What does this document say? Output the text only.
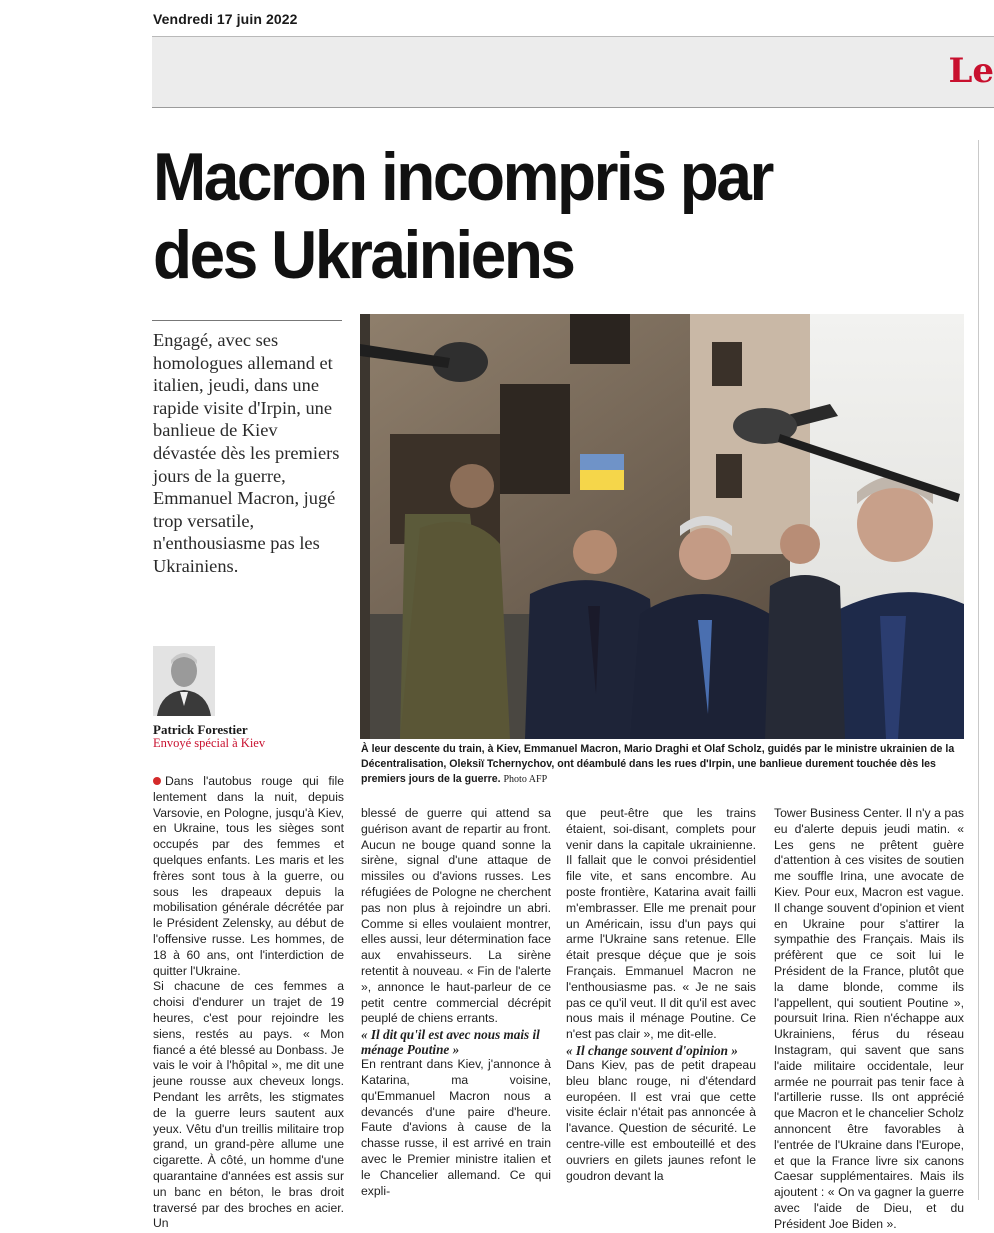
Vendredi 17 juin 2022
Le
Macron incompris par des Ukrainiens

Engagé, avec ses homologues allemand et italien, jeudi, dans une rapide visite d'Irpin, une banlieue de Kiev dévastée dès les premiers jours de la guerre, Emmanuel Macron, jugé trop versatile, n'enthousiasme pas les Ukrainiens.

Patrick Forestier
Envoyé spécial à Kiev	À leur descente du train, à Kiev, Emmanuel Macron, Mario Draghi et Olaf Scholz, guidés par le ministre ukrainien de la Décentralisation, Oleksiï Tchernychov, ont déambulé dans les rues d'Irpin, une banlieue durement touchée dès les premiers jours de la guerre. Photo AFP

Dans l'autobus rouge qui file lentement dans la nuit, depuis Varsovie, en Pologne, jusqu'à Kiev, en Ukraine, tous les sièges sont occupés par des femmes et quelques enfants. Les maris et les frères sont tous à la guerre, ou sous les drapeaux depuis la mobilisation générale décrétée par le Président Zelensky, au début de l'offensive russe. Les hommes, de 18 à 60 ans, ont l'interdiction de quitter l'Ukraine.

Si chacune de ces femmes a choisi d'endurer un trajet de 19 heures, c'est pour rejoindre les siens, restés au pays. « Mon fiancé a été blessé au Donbass. Je vais le voir à l'hôpital », me dit une jeune rousse aux cheveux longs. Pendant les arrêts, les stigmates de la guerre leurs sautent aux yeux. Vêtu d'un treillis militaire trop grand, un grand-père allume une cigarette. À côté, un homme d'une quarantaine d'années est assis sur un banc en béton, le bras droit traversé par des broches en acier. Un

blessé de guerre qui attend sa guérison avant de repartir au front. Aucun ne bouge quand sonne la sirène, signal d'une attaque de missiles ou d'avions russes. Les réfugiées de Pologne ne cherchent pas non plus à rejoindre un abri. Comme si elles voulaient montrer, elles aussi, leur détermination face aux envahisseurs. La sirène retentit à nouveau. « Fin de l'alerte », annonce le haut-parleur de ce petit centre commercial décrépit peuplé de chiens errants.

« Il dit qu'il est avec nous mais il ménage Poutine »

En rentrant dans Kiev, j'annonce à Katarina, ma voisine, qu'Emmanuel Macron nous a devancés d'une paire d'heure. Faute d'avions à cause de la chasse russe, il est arrivé en train avec le Premier ministre italien et le Chancelier allemand. Ce qui expli-

que peut-être que les trains étaient, soi-disant, complets pour venir dans la capitale ukrainienne. Il fallait que le convoi présidentiel file vite, et sans encombre. Au poste frontière, Katarina avait failli m'embrasser. Elle me prenait pour un Américain, issu d'un pays qui arme l'Ukraine sans retenue. Elle était presque déçue que je sois Français. Emmanuel Macron ne l'enthousiasme pas. « Je ne sais pas ce qu'il veut. Il dit qu'il est avec nous mais il ménage Poutine. Ce n'est pas clair », me dit-elle.

« Il change souvent d'opinion »

Dans Kiev, pas de petit drapeau bleu blanc rouge, ni d'étendard européen. Il est vrai que cette visite éclair n'était pas annoncée à l'avance. Question de sécurité. Le centre-ville est embouteillé et des ouvriers en gilets jaunes refont le goudron devant la

Tower Business Center. Il n'y a pas eu d'alerte depuis jeudi matin. « Les gens ne prêtent guère d'attention à ces visites de soutien me souffle Irina, une avocate de Kiev. Pour eux, Macron est vague. Il change souvent d'opinion et vient en Ukraine pour s'attirer la sympathie des Français. Mais ils préfèrent que ce soit lui le Président de la France, plutôt que la dame blonde, comme ils l'appellent, qui soutient Poutine », poursuit Irina. Rien n'échappe aux Ukrainiens, férus du réseau Instagram, qui savent que sans l'aide militaire occidentale, leur armée ne pourrait pas tenir face à l'artillerie russe. Ils ont apprécié que Macron et le chancelier Scholz annoncent être favorables à l'entrée de l'Ukraine dans l'Europe, et que la France livre six canons Caesar supplémentaires. Mais ils ajoutent : « On va gagner la guerre avec l'aide de Dieu, et du Président Joe Biden ».
